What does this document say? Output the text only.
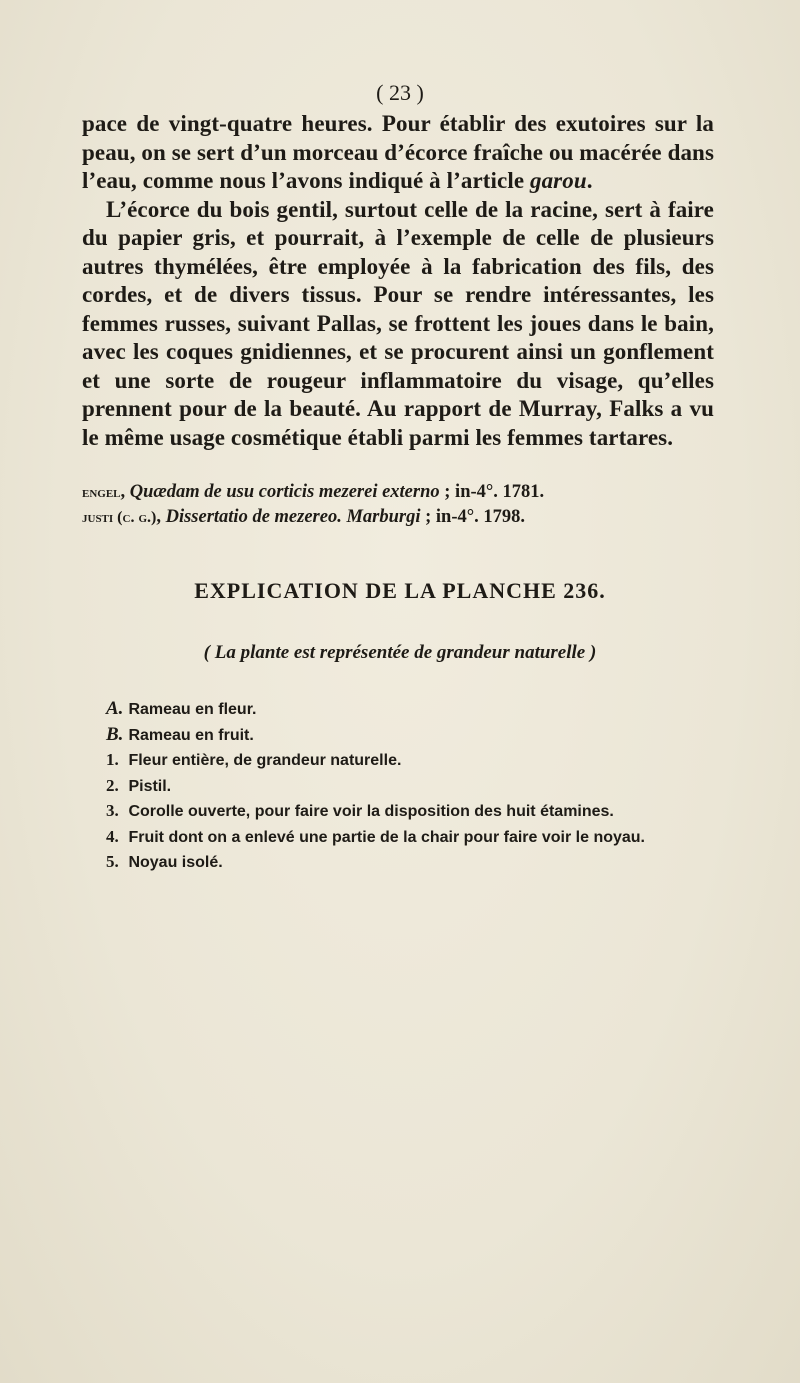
( 23 )

pace de vingt-quatre heures. Pour établir des exutoires sur la peau, on se sert d’un morceau d’écorce fraîche ou macérée dans l’eau, comme nous l’avons indiqué à l’article garou.

L’écorce du bois gentil, surtout celle de la racine, sert à faire du papier gris, et pourrait, à l’exemple de celle de plusieurs autres thymélées, être employée à la fabrication des fils, des cordes, et de divers tissus. Pour se rendre intéressantes, les femmes russes, suivant Pallas, se frottent les joues dans le bain, avec les coques gnidiennes, et se procurent ainsi un gonflement et une sorte de rougeur inflammatoire du visage, qu’elles prennent pour de la beauté. Au rapport de Murray, Falks a vu le même usage cosmétique établi parmi les femmes tartares.

engel, Quædam de usu corticis mezerei externo ; in-4°. 1781.
justi (c. g.), Dissertatio de mezereo. Marburgi ; in-4°. 1798.
EXPLICATION DE LA PLANCHE 236.
( La plante est représentée de grandeur naturelle )
A. Rameau en fleur.
B. Rameau en fruit.
1. Fleur entière, de grandeur naturelle.
2. Pistil.
3. Corolle ouverte, pour faire voir la disposition des huit étamines.
4. Fruit dont on a enlevé une partie de la chair pour faire voir le noyau.
5. Noyau isolé.
